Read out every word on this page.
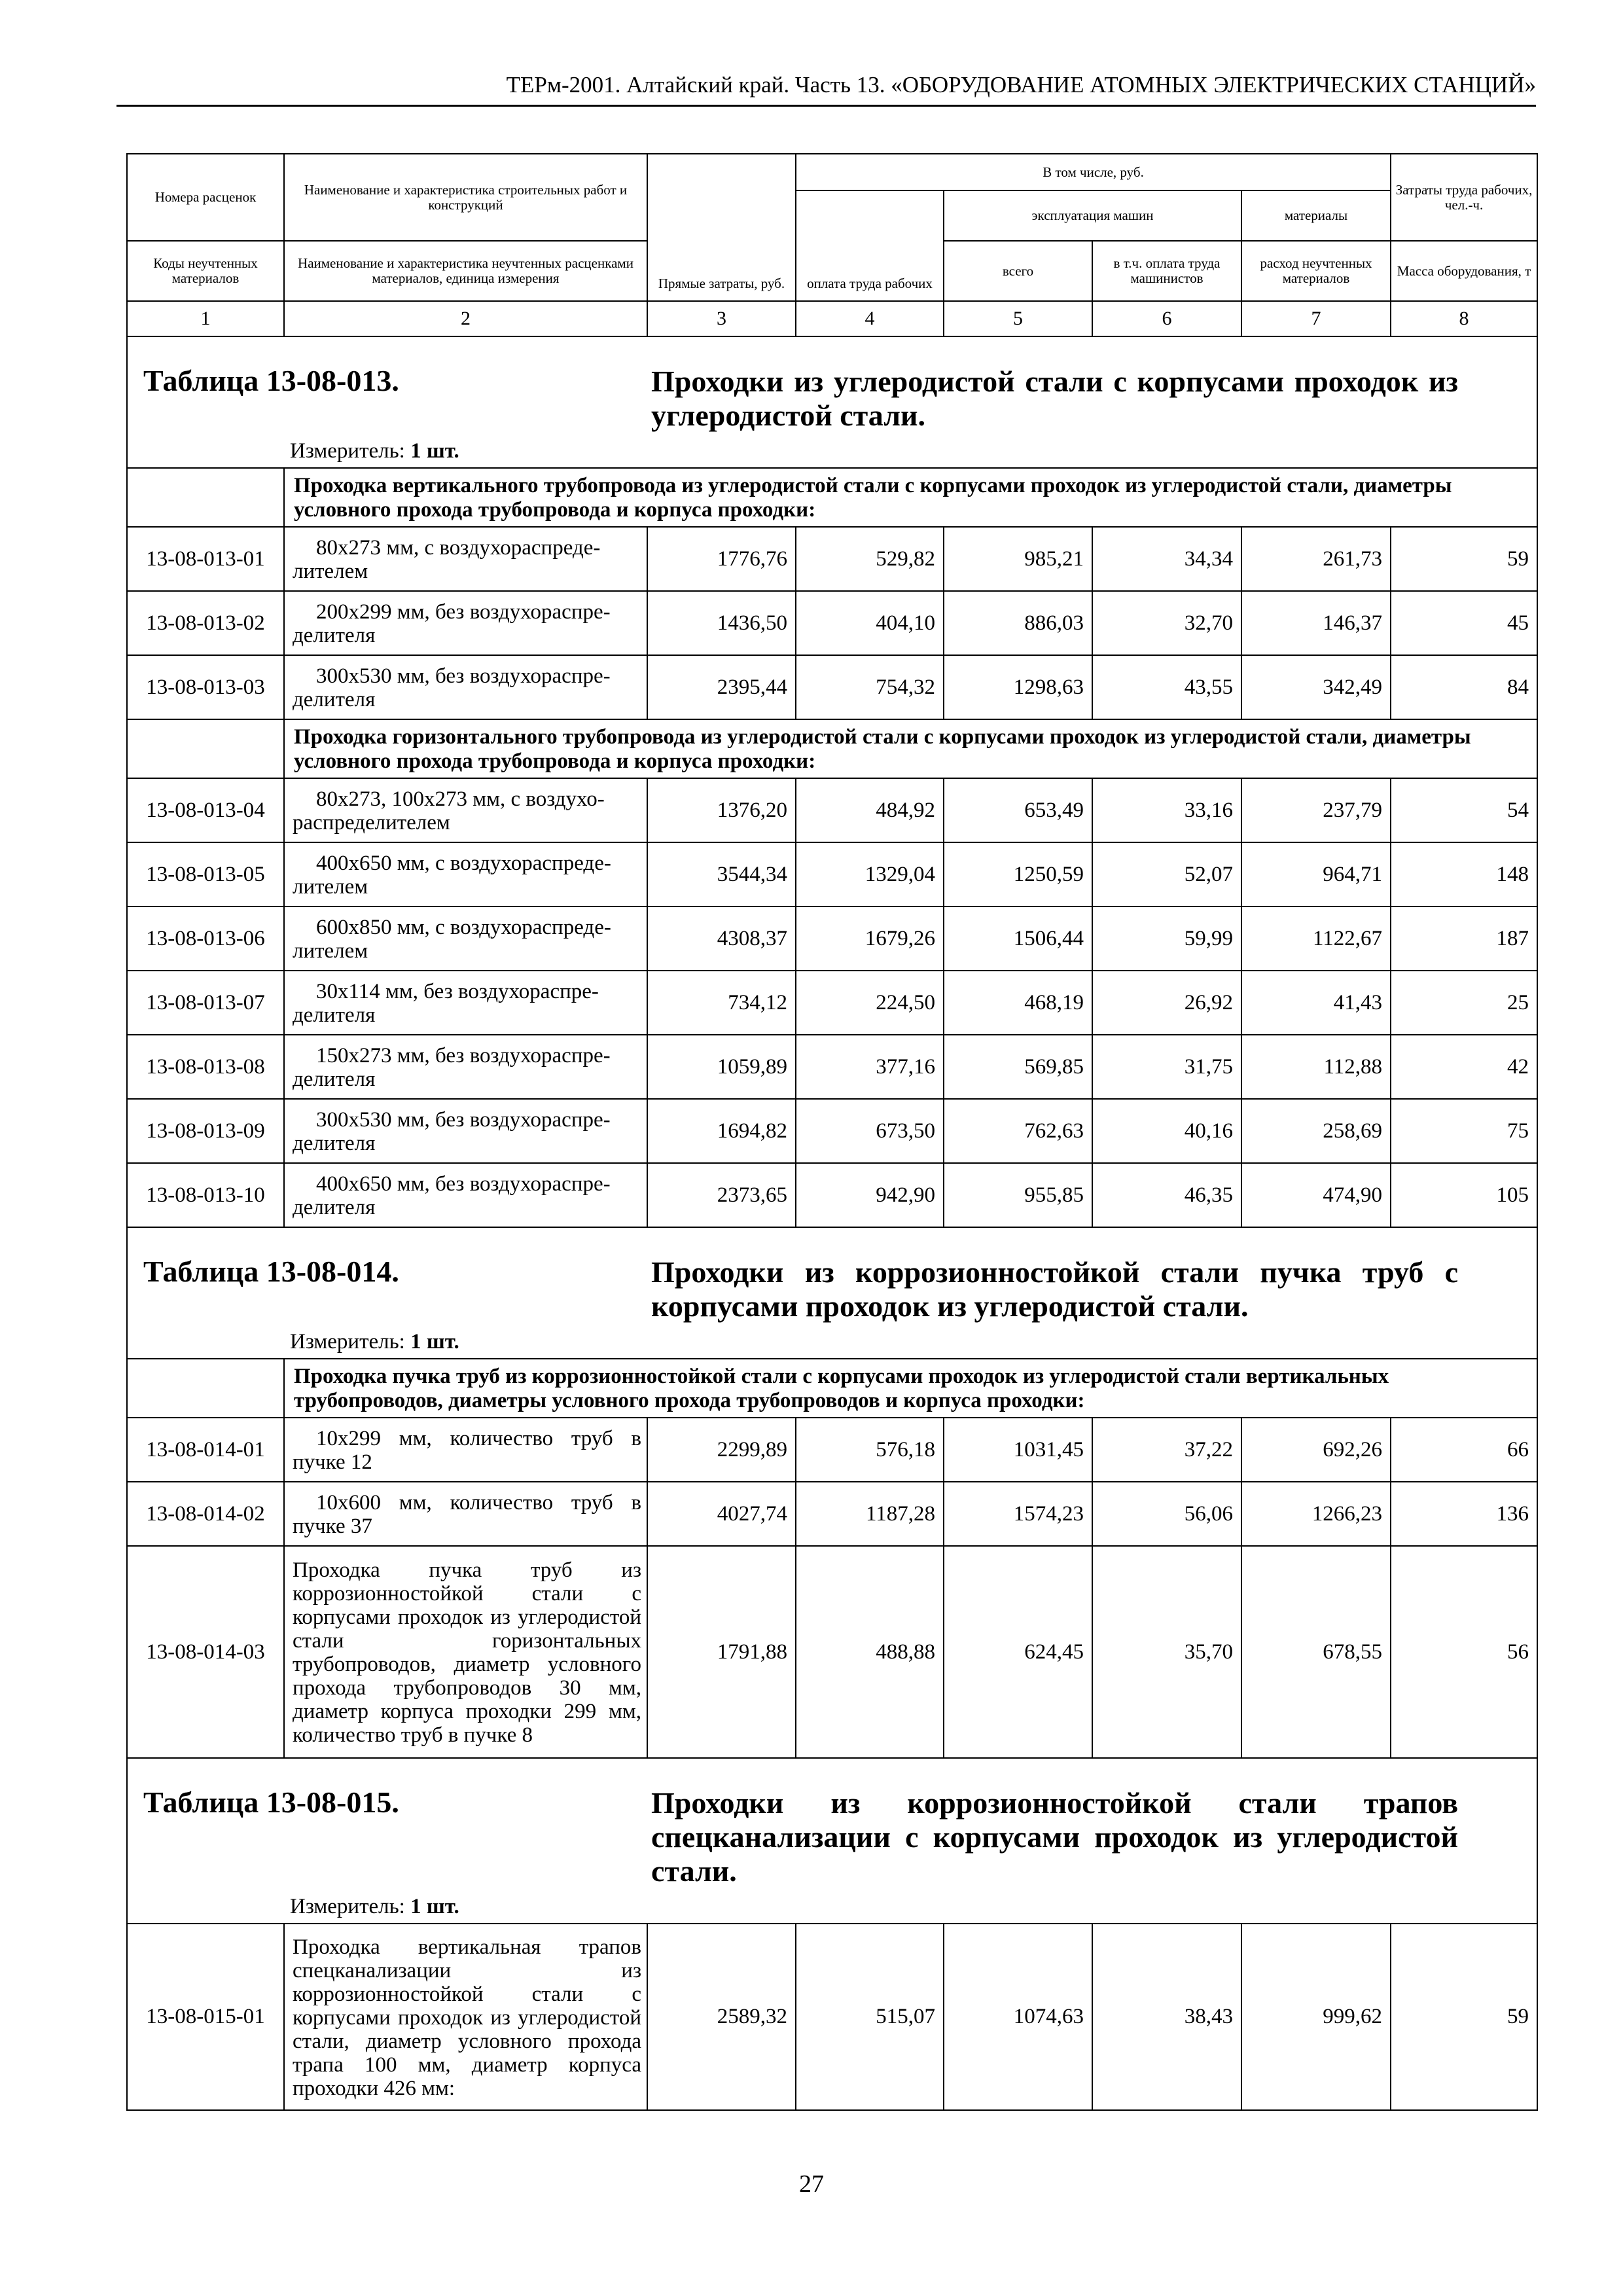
ТЕРм-2001. Алтайский край. Часть 13. «ОБОРУДОВАНИЕ АТОМНЫХ ЭЛЕКТРИЧЕСКИХ СТАНЦИЙ»
Номера расценок	Наименование и характеристика строительных работ и конструкций	Прямые затраты, руб.	В том числе, руб.				Затраты труда рабочих, чел.-ч.
			оплата труда рабочих	эксплуатация машин		материалы	
Коды неучтенных материалов	Наименование и характеристика неучтенных расценками материалов, единица измерения			всего	в т.ч. оплата труда машинистов	расход неучтенных материалов	Масса оборудования, т
1	2	3	4	5	6	7	8

Таблица 13-08-013. Проходки из углеродистой стали с корпусами проходок из углеродистой стали.
Измеритель: 1 шт.							

	Проходка вертикального трубопровода из углеродистой стали с корпусами проходок из углеродистой стали, диаметры условного прохода трубопровода и корпуса проходки:						
13-08-013-01	80х273 мм, с воздухораспреде-
лителем	1776,76	529,82	985,21	34,34	261,73	59
13-08-013-02	200х299 мм, без воздухораспре-
делителя	1436,50	404,10	886,03	32,70	146,37	45
13-08-013-03	300х530 мм, без воздухораспре-
делителя	2395,44	754,32	1298,63	43,55	342,49	84
	Проходка горизонтального трубопровода из углеродистой стали с корпусами проходок из углеродистой стали, диаметры условного прохода трубопровода и корпуса проходки:						
13-08-013-04	80х273, 100х273 мм, с воздухо-
распределителем	1376,20	484,92	653,49	33,16	237,79	54
13-08-013-05	400х650 мм, с воздухораспреде-
лителем	3544,34	1329,04	1250,59	52,07	964,71	148
13-08-013-06	600х850 мм, с воздухораспреде-
лителем	4308,37	1679,26	1506,44	59,99	1122,67	187
13-08-013-07	30х114 мм, без воздухораспре-
делителя	734,12	224,50	468,19	26,92	41,43	25
13-08-013-08	150х273 мм, без воздухораспре-
делителя	1059,89	377,16	569,85	31,75	112,88	42
13-08-013-09	300х530 мм, без воздухораспре-
делителя	1694,82	673,50	762,63	40,16	258,69	75
13-08-013-10	400х650 мм, без воздухораспре-
делителя	2373,65	942,90	955,85	46,35	474,90	105

Таблица 13-08-014. Проходки из коррозионностойкой стали пучка труб с корпусами проходок из углеродистой стали.
Измеритель: 1 шт.							

	Проходка пучка труб из коррозионностойкой стали с корпусами проходок из углеродистой стали вертикальных трубопроводов, диаметры условного прохода трубопроводов и корпуса проходки:						
13-08-014-01	10х299 мм, количество труб в
пучке 12	2299,89	576,18	1031,45	37,22	692,26	66
13-08-014-02	10х600 мм, количество труб в
пучке 37	4027,74	1187,28	1574,23	56,06	1266,23	136
13-08-014-03	Проходка пучка труб из коррозионностойкой стали с корпусами проходок из углеродистой стали горизонтальных трубопроводов, диаметр условного прохода трубопроводов 30 мм, диаметр корпуса проходки 299 мм, количество труб в пучке 8	1791,88	488,88	624,45	35,70	678,55	56

Таблица 13-08-015. Проходки из коррозионностойкой стали трапов спецканализации с корпусами проходок из углеродистой стали.
Измеритель: 1 шт.							

13-08-015-01	Проходка вертикальная трапов спецканализации из коррозионностойкой стали с корпусами проходок из углеродистой стали, диаметр условного прохода трапа 100 мм, диаметр корпуса проходки 426 мм:	2589,32	515,07	1074,63	38,43	999,62	59
27
